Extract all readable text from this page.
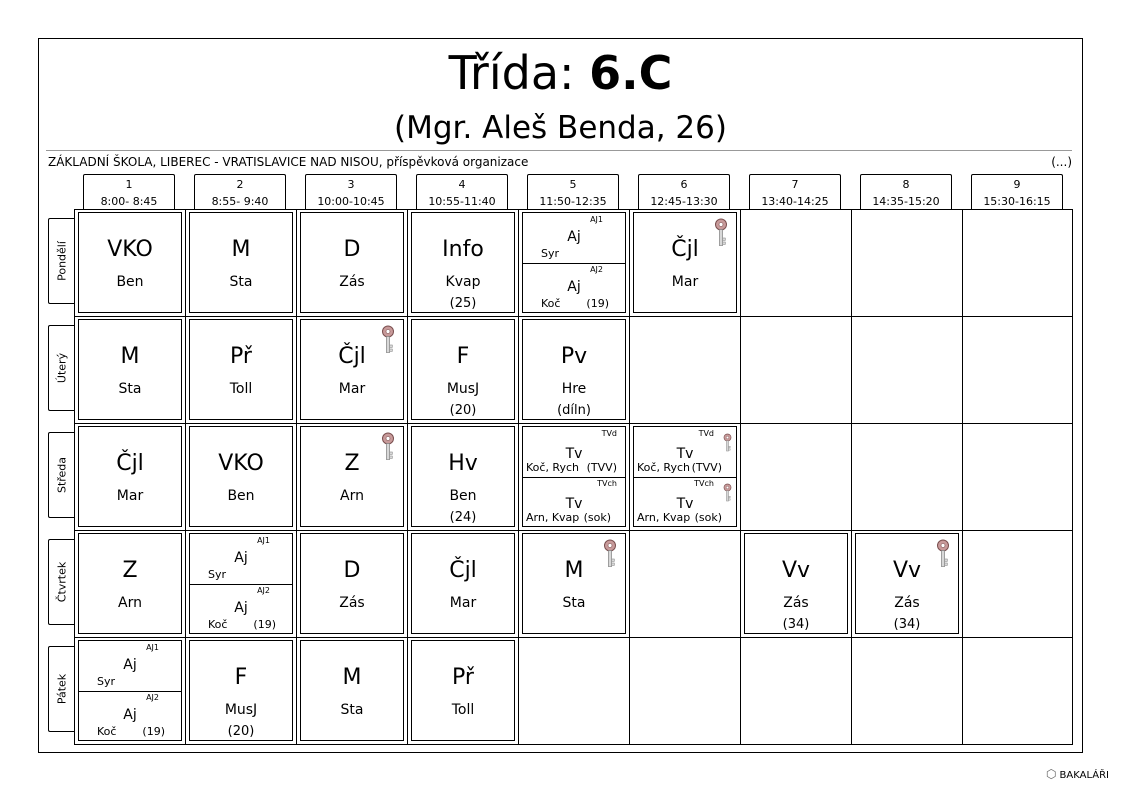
Třída: 6.C
(Mgr. Aleš Benda, 26)
ZÁKLADNÍ ŠKOLA, LIBEREC - VRATISLAVICE NAD NISOU, příspěvková organizace	(...)
1
8:00- 8:45
2
8:55- 9:40
3
10:00-10:45
4
10:55-11:40
5
11:50-12:35
6
12:45-13:30
7
13:40-14:25
8
14:35-15:20
9
15:30-16:15
Pondělí
Úterý
Středa
Čtvrtek
Pátek
VKO
Ben
M
Sta
D
Zás
Info
Kvap
(25)
AJ1
Aj
Syr
AJ2
Aj
Koč (19)
Čjl
Mar
M
Sta
Př
Toll
Čjl
Mar
F
MusJ
(20)
Pv
Hre
(díln)
Čjl
Mar
VKO
Ben
Z
Arn
Hv
Ben
(24)
TVd
Tv
Koč, Rych (TVV)
TVch
Tv
Arn, Kvap (sok)
TVd
Tv
Koč, Rych (TVV)
TVch
Tv
Arn, Kvap (sok)
Z
Arn
AJ1
Aj
Syr
AJ2
Aj
Koč (19)
D
Zás
Čjl
Mar
M
Sta
Vv
Zás
(34)
Vv
Zás
(34)
AJ1
Aj
Syr
AJ2
Aj
Koč (19)
F
MusJ
(20)
M
Sta
Př
Toll
⬡ BAKALÁŘI
